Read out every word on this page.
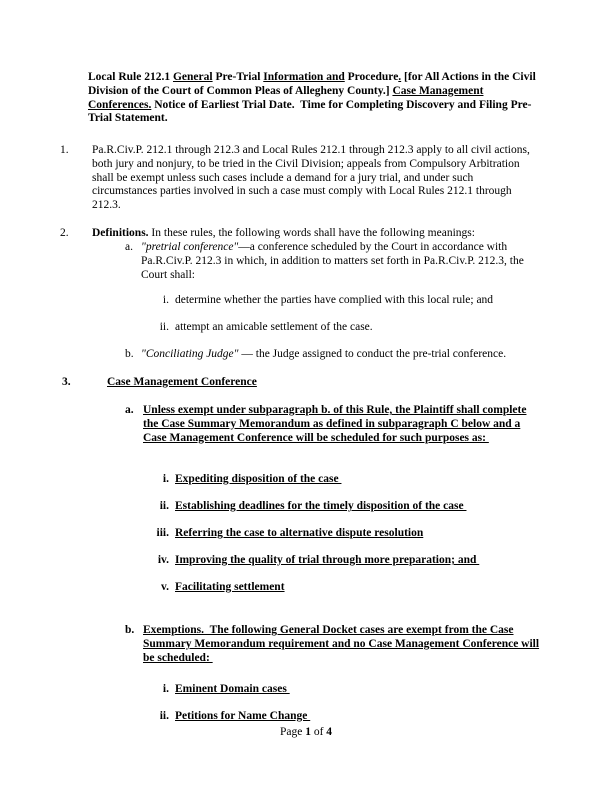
Local Rule 212.1 General Pre-Trial Information and Procedure. [for All Actions in the Civil Division of the Court of Common Pleas of Allegheny County.] Case Management Conferences. Notice of Earliest Trial Date.  Time for Completing Discovery and Filing Pre-Trial Statement.
1. Pa.R.Civ.P. 212.1 through 212.3 and Local Rules 212.1 through 212.3 apply to all civil actions, both jury and nonjury, to be tried in the Civil Division; appeals from Compulsory Arbitration shall be exempt unless such cases include a demand for a jury trial, and under such circumstances parties involved in such a case must comply with Local Rules 212.1 through 212.3.
2. Definitions. In these rules, the following words shall have the following meanings:
a. "pretrial conference"—a conference scheduled by the Court in accordance with Pa.R.Civ.P. 212.3 in which, in addition to matters set forth in Pa.R.Civ.P. 212.3, the Court shall:
i. determine whether the parties have complied with this local rule; and
ii. attempt an amicable settlement of the case.
b. "Conciliating Judge" — the Judge assigned to conduct the pre-trial conference.
3.	Case Management Conference
a. Unless exempt under subparagraph b. of this Rule, the Plaintiff shall complete the Case Summary Memorandum as defined in subparagraph C below and a Case Management Conference will be scheduled for such purposes as:
i. Expediting disposition of the case
ii. Establishing deadlines for the timely disposition of the case
iii. Referring the case to alternative dispute resolution
iv. Improving the quality of trial through more preparation; and
v. Facilitating settlement
b. Exemptions.  The following General Docket cases are exempt from the Case Summary Memorandum requirement and no Case Management Conference will be scheduled:
i. Eminent Domain cases
ii. Petitions for Name Change
Page 1 of 4
